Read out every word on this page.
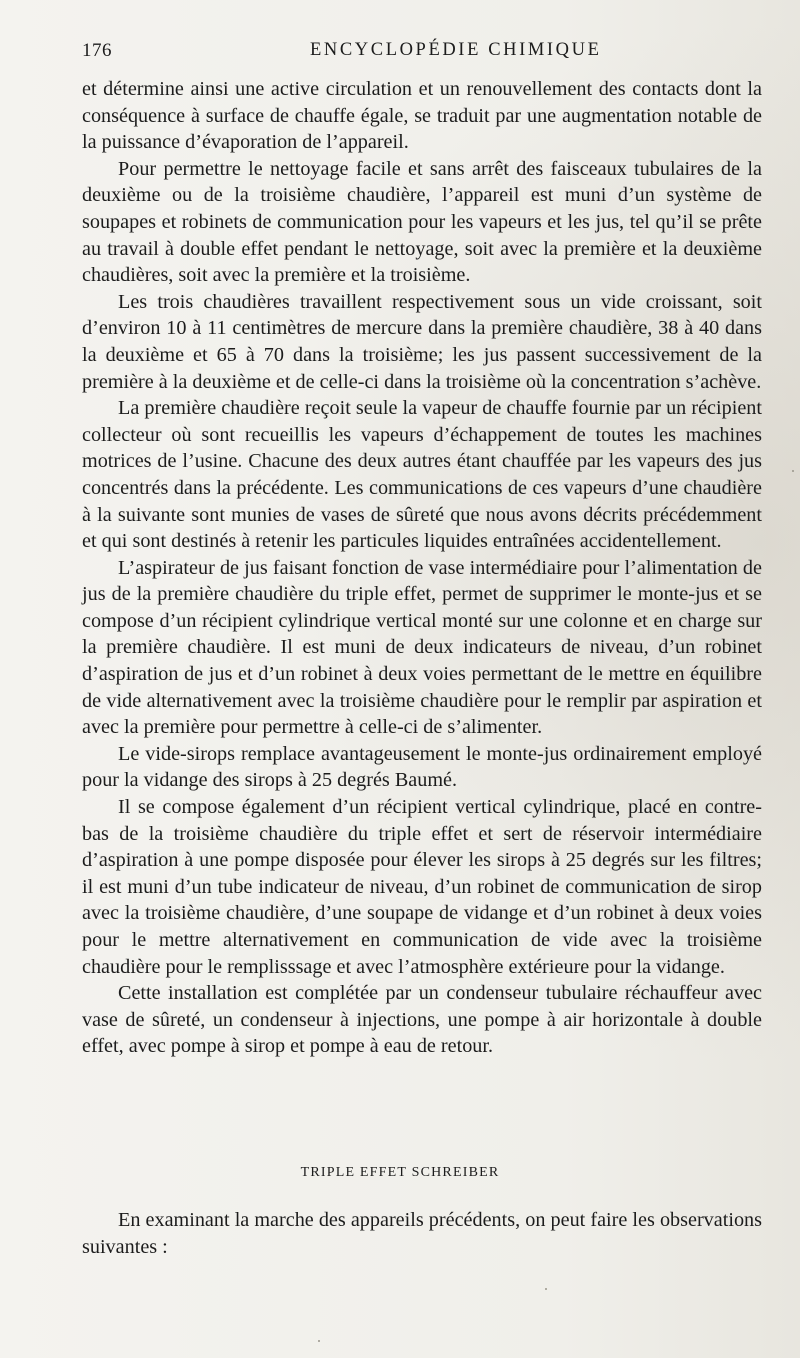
176	ENCYCLOPÉDIE CHIMIQUE

et détermine ainsi une active circulation et un renouvellement des contacts dont la conséquence à surface de chauffe égale, se traduit par une augmentation notable de la puissance d’évaporation de l’appareil.

Pour permettre le nettoyage facile et sans arrêt des faisceaux tubulaires de la deuxième ou de la troisième chaudière, l’appareil est muni d’un système de soupapes et robinets de communication pour les vapeurs et les jus, tel qu’il se prête au travail à double effet pendant le nettoyage, soit avec la première et la deuxième chaudières, soit avec la première et la troisième.

Les trois chaudières travaillent respectivement sous un vide croissant, soit d’environ 10 à 11 centimètres de mercure dans la première chaudière, 38 à 40 dans la deuxième et 65 à 70 dans la troisième; les jus passent successivement de la première à la deuxième et de celle-ci dans la troisième où la concentration s’achève.

La première chaudière reçoit seule la vapeur de chauffe fournie par un récipient collecteur où sont recueillis les vapeurs d’échappement de toutes les machines motrices de l’usine. Chacune des deux autres étant chauffée par les vapeurs des jus concentrés dans la précédente. Les communications de ces vapeurs d’une chaudière à la suivante sont munies de vases de sûreté que nous avons décrits précédemment et qui sont destinés à retenir les particules liquides entraînées accidentellement.

L’aspirateur de jus faisant fonction de vase intermédiaire pour l’alimentation de jus de la première chaudière du triple effet, permet de supprimer le monte-jus et se compose d’un récipient cylindrique vertical monté sur une colonne et en charge sur la première chaudière. Il est muni de deux indicateurs de niveau, d’un robinet d’aspiration de jus et d’un robinet à deux voies permettant de le mettre en équilibre de vide alternativement avec la troisième chaudière pour le remplir par aspiration et avec la première pour permettre à celle-ci de s’alimenter.

Le vide-sirops remplace avantageusement le monte-jus ordinairement employé pour la vidange des sirops à 25 degrés Baumé.

Il se compose également d’un récipient vertical cylindrique, placé en contre-bas de la troisième chaudière du triple effet et sert de réservoir intermédiaire d’aspiration à une pompe disposée pour élever les sirops à 25 degrés sur les filtres; il est muni d’un tube indicateur de niveau, d’un robinet de communication de sirop avec la troisième chaudière, d’une soupape de vidange et d’un robinet à deux voies pour le mettre alternativement en communication de vide avec la troisième chaudière pour le remplisssage et avec l’atmosphère extérieure pour la vidange.

Cette installation est complétée par un condenseur tubulaire réchauffeur avec vase de sûreté, un condenseur à injections, une pompe à air horizontale à double effet, avec pompe à sirop et pompe à eau de retour.

TRIPLE EFFET SCHREIBER

En examinant la marche des appareils précédents, on peut faire les observations suivantes :
